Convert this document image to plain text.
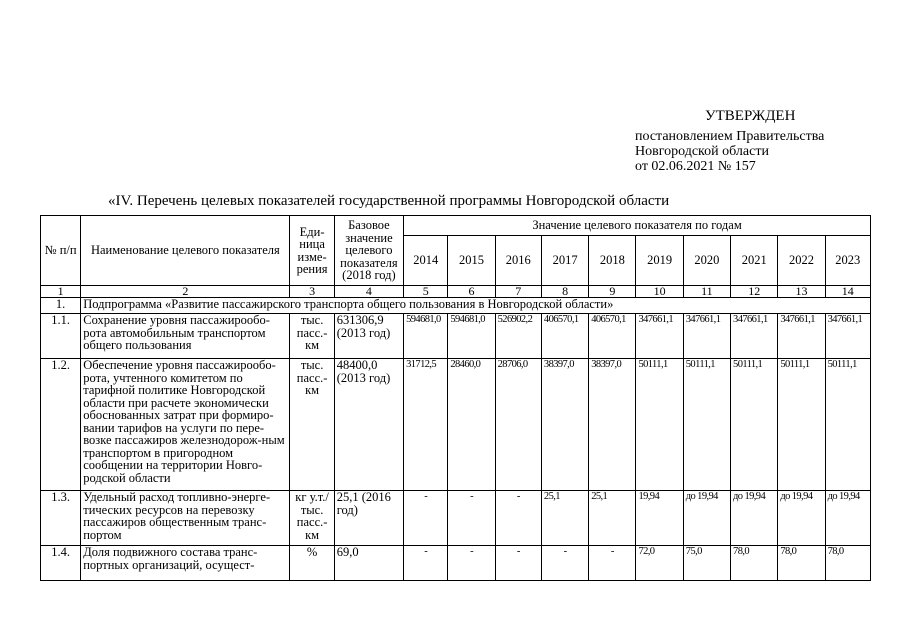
УТВЕРЖДЕН
постановлением Правительства
Новгородской области
от 02.06.2021 № 157
«IV. Перечень целевых показателей государственной программы Новгородской области
№ п/п	Наименование целевого показателя	Еди-ница изме-рения	Базовое значение целевого показателя (2018 год)	Значение целевого показателя по годам									
				2014	2015	2016	2017	2018	2019	2020	2021	2022	2023
1	2	3	4	5	6	7	8	9	10	11	12	13	14
1.	Подпрограмма «Развитие пассажирского транспорта общего пользования в Новгородской области»												
1.1.	Сохранение уровня пассажирообо-рота автомобильным транспортом общего пользования	тыс. пасс.-км	631306,9 (2013 год)	594681,0	594681,0	526902,2	406570,1	406570,1	347661,1	347661,1	347661,1	347661,1	347661,1
1.2.	Обеспечение уровня пассажирообо-рота, учтенного комитетом по тарифной политике Новгородской области при расчете экономически обоснованных затрат при формиро-вании тарифов на услуги по пере-возке пассажиров железнодорож-ным транспортом в пригородном сообщении на территории Новго-родской области	тыс. пасс.-км	48400,0 (2013 год)	31712,5	28460,0	28706,0	38397,0	38397,0	50111,1	50111,1	50111,1	50111,1	50111,1
1.3.	Удельный расход топливно-энерге-тических ресурсов на перевозку пассажиров общественным транс-портом	кг у.т./ тыс. пасс.-км	25,1 (2016 год)	-	-	-	25,1	25,1	19,94	до 19,94	до 19,94	до 19,94	до 19,94
1.4.	Доля подвижного состава транс-портных организаций, осущест-	%	69,0	-	-	-	-	-	72,0	75,0	78,0	78,0	78,0
